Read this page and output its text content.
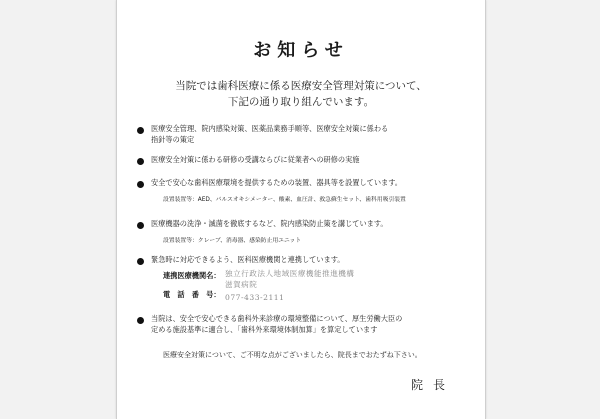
お知らせ
当院では歯科医療に係る医療安全管理対策について、
下記の通り取り組んでいます。
医療安全管理、院内感染対策、医薬品業務手順等、医療安全対策に係わる
指針等の策定
医療安全対策に係わる研修の受講ならびに従業者への研修の実施
安全で安心な歯科医療環境を提供するための装置、器具等を設置しています。
設置装置等：AED、パルスオキシメーター、酸素、血圧計、救急蘇生セット、歯科用吸引装置
医療機器の洗浄・滅菌を徹底するなど、院内感染防止策を講じています。
設置装置等：クレーブ、消毒器、感染防止用ユニット
緊急時に対応できるよう、医科医療機関と連携しています。
連携医療機関名： 独立行政法人地域医療機能推進機構
電　話　番　号：
滋賀病院
077-433-2111
当院は、安全で安心できる歯科外来診療の環境整備について、厚生労働大臣の
定める施設基準に適合し、「歯科外来環境体制加算」を算定しています
医療安全対策について、ご不明な点がございましたら、院長までおたずね下さい。
院長
